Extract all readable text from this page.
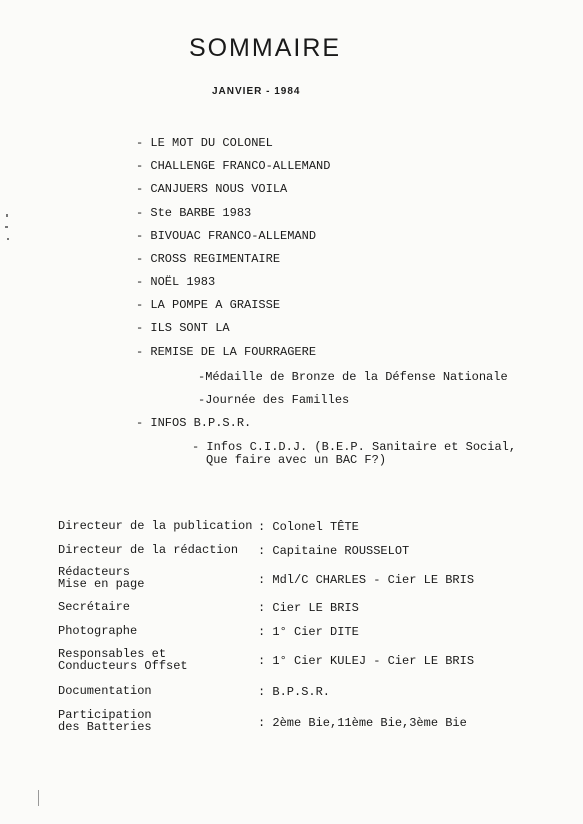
SOMMAIRE
JANVIER - 1984
- LE MOT DU COLONEL
- CHALLENGE FRANCO-ALLEMAND
- CANJUERS NOUS VOILA
- Ste BARBE 1983
- BIVOUAC FRANCO-ALLEMAND
- CROSS REGIMENTAIRE
- NOËL 1983
- LA POMPE A GRAISSE
- ILS SONT LA
- REMISE DE LA FOURRAGERE
-Médaille de Bronze de la Défense Nationale
-Journée des Familles
- INFOS B.P.S.R.
- Infos C.I.D.J. (B.E.P. Sanitaire et Social,
Que faire avec un BAC F?)
Directeur de la publication : Colonel TÊTE
Directeur de la rédaction : Capitaine ROUSSELOT
Rédacteurs
Mise en page	: Mdl/C CHARLES - Cier LE BRIS
Secrétaire	: Cier LE BRIS
Photographe	: 1° Cier DITE
Responsables et
Conducteurs Offset	: 1° Cier KULEJ - Cier LE BRIS
Documentation	: B.P.S.R.
Participation
des Batteries	: 2ème Bie,11ème Bie,3ème Bie
